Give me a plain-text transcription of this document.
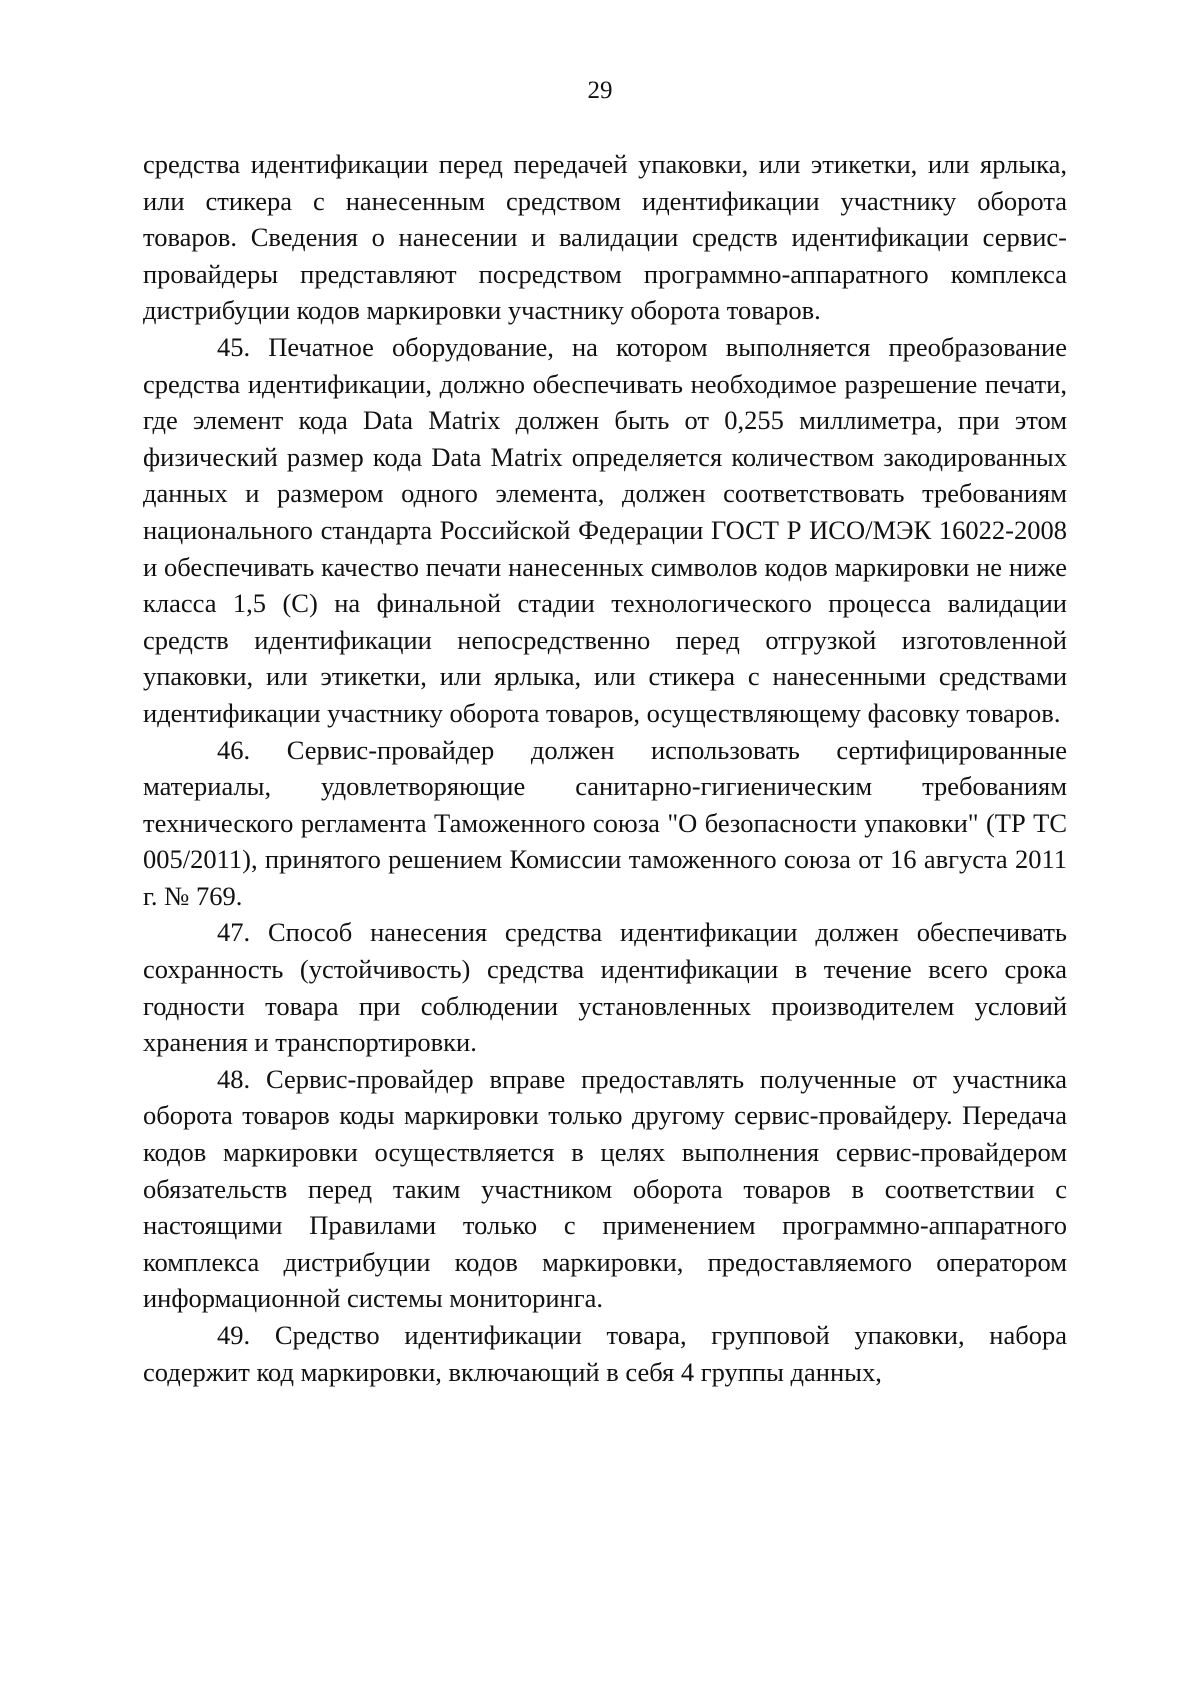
29

средства идентификации перед передачей упаковки, или этикетки, или ярлыка, или стикера с нанесенным средством идентификации участнику оборота товаров. Сведения о нанесении и валидации средств идентификации сервис-провайдеры представляют посредством программно-аппаратного комплекса дистрибуции кодов маркировки участнику оборота товаров.

45. Печатное оборудование, на котором выполняется преобразование средства идентификации, должно обеспечивать необходимое разрешение печати, где элемент кода Data Matrix должен быть от 0,255 миллиметра, при этом физический размер кода Data Matrix определяется количеством закодированных данных и размером одного элемента, должен соответствовать требованиям национального стандарта Российской Федерации ГОСТ Р ИСО/МЭК 16022-2008 и обеспечивать качество печати нанесенных символов кодов маркировки не ниже класса 1,5 (C) на финальной стадии технологического процесса валидации средств идентификации непосредственно перед отгрузкой изготовленной упаковки, или этикетки, или ярлыка, или стикера с нанесенными средствами идентификации участнику оборота товаров, осуществляющему фасовку товаров.

46. Сервис-провайдер должен использовать сертифицированные материалы, удовлетворяющие санитарно-гигиеническим требованиям технического регламента Таможенного союза "О безопасности упаковки" (ТР ТС 005/2011), принятого решением Комиссии таможенного союза от 16 августа 2011 г. № 769.

47. Способ нанесения средства идентификации должен обеспечивать сохранность (устойчивость) средства идентификации в течение всего срока годности товара при соблюдении установленных производителем условий хранения и транспортировки.

48. Сервис-провайдер вправе предоставлять полученные от участника оборота товаров коды маркировки только другому сервис-провайдеру. Передача кодов маркировки осуществляется в целях выполнения сервис-провайдером обязательств перед таким участником оборота товаров в соответствии с настоящими Правилами только с применением программно-аппаратного комплекса дистрибуции кодов маркировки, предоставляемого оператором информационной системы мониторинга.

49. Средство идентификации товара, групповой упаковки, набора содержит код маркировки, включающий в себя 4 группы данных,
